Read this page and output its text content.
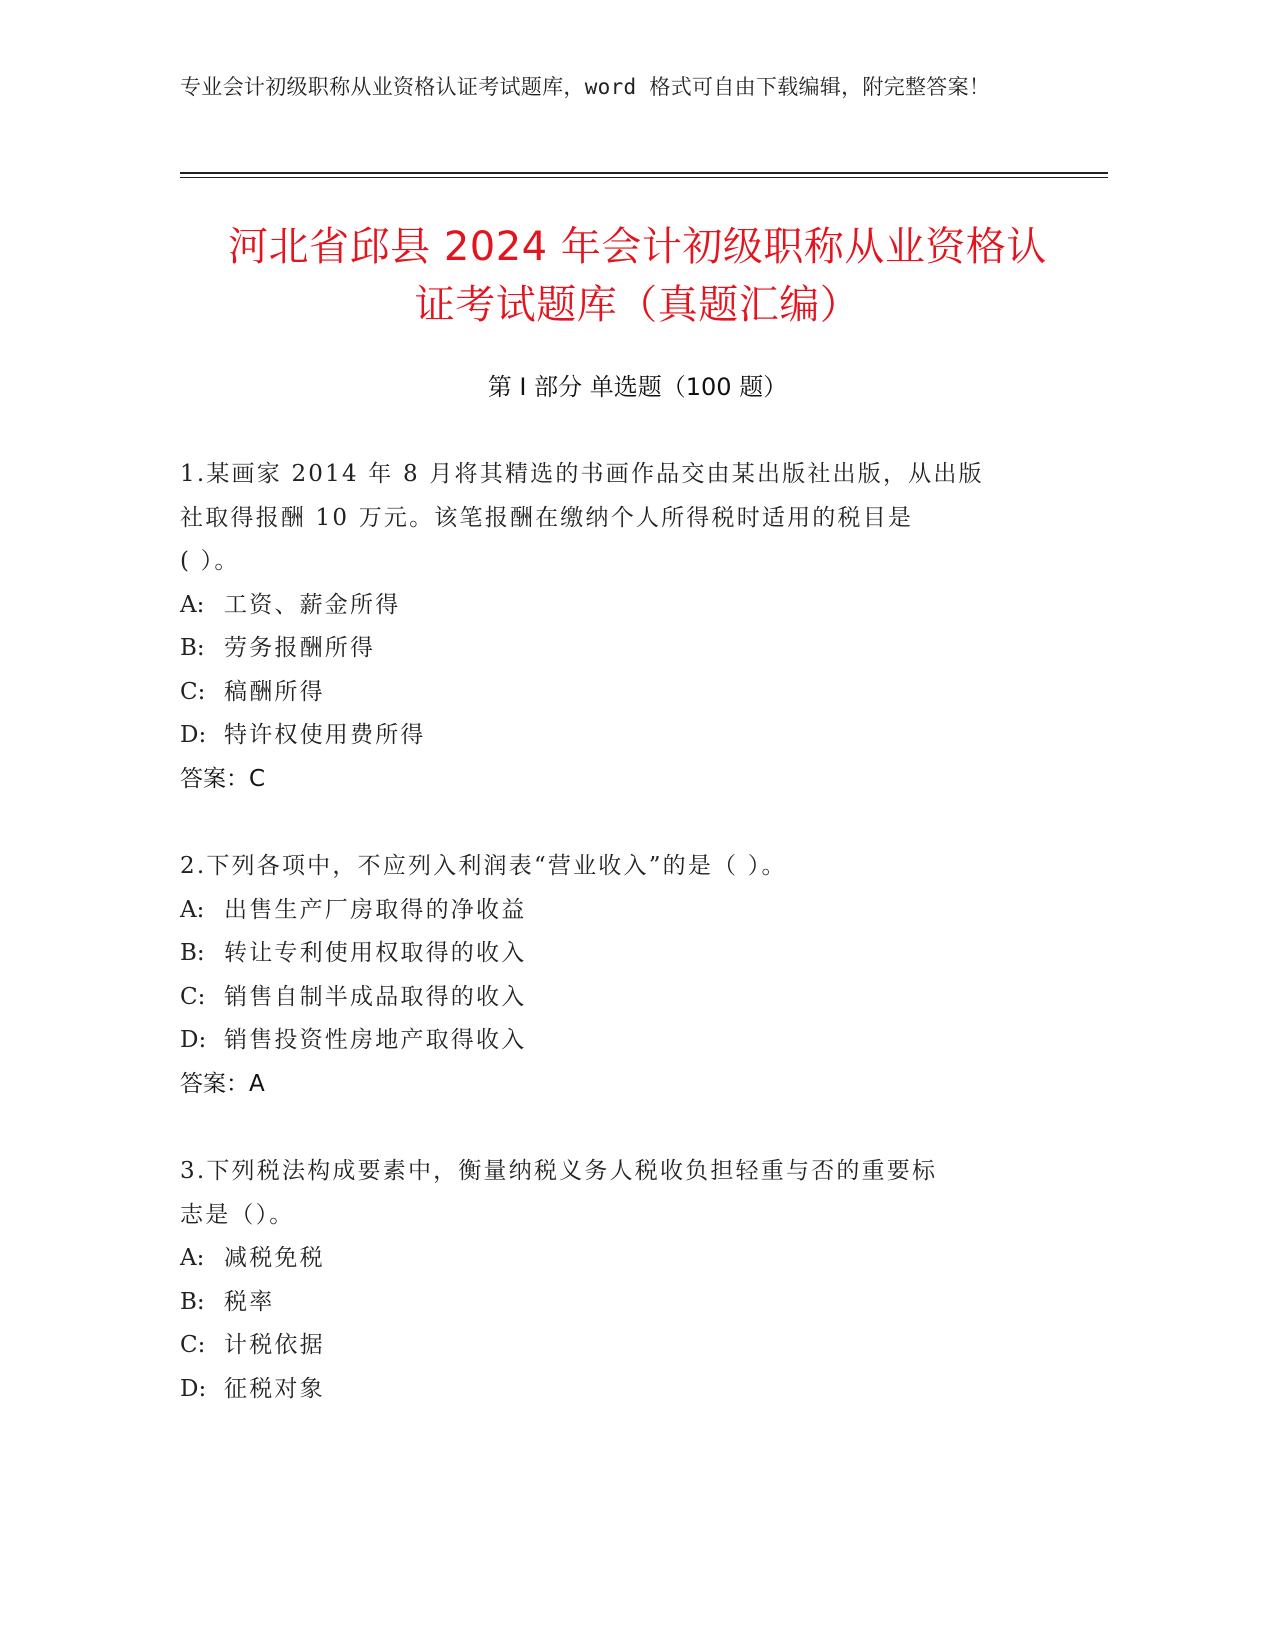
专业会计初级职称从业资格认证考试题库，word 格式可自由下载编辑，附完整答案！
河北省邱县 2024 年会计初级职称从业资格认
证考试题库（真题汇编）
第 I 部分 单选题（100 题）

1.某画家 2014 年 8 月将其精选的书画作品交由某出版社出版，从出版

社取得报酬 10 万元。该笔报酬在缴纳个人所得税时适用的税目是

( ）。

A: 工资、薪金所得

B: 劳务报酬所得

C: 稿酬所得

D: 特许权使用费所得

答案：C

2.下列各项中，不应列入利润表“营业收入”的是（ ）。

A: 出售生产厂房取得的净收益

B: 转让专利使用权取得的收入

C: 销售自制半成品取得的收入

D: 销售投资性房地产取得收入

答案：A

3.下列税法构成要素中，衡量纳税义务人税收负担轻重与否的重要标

志是（）。

A: 减税免税

B: 税率

C: 计税依据

D: 征税对象
